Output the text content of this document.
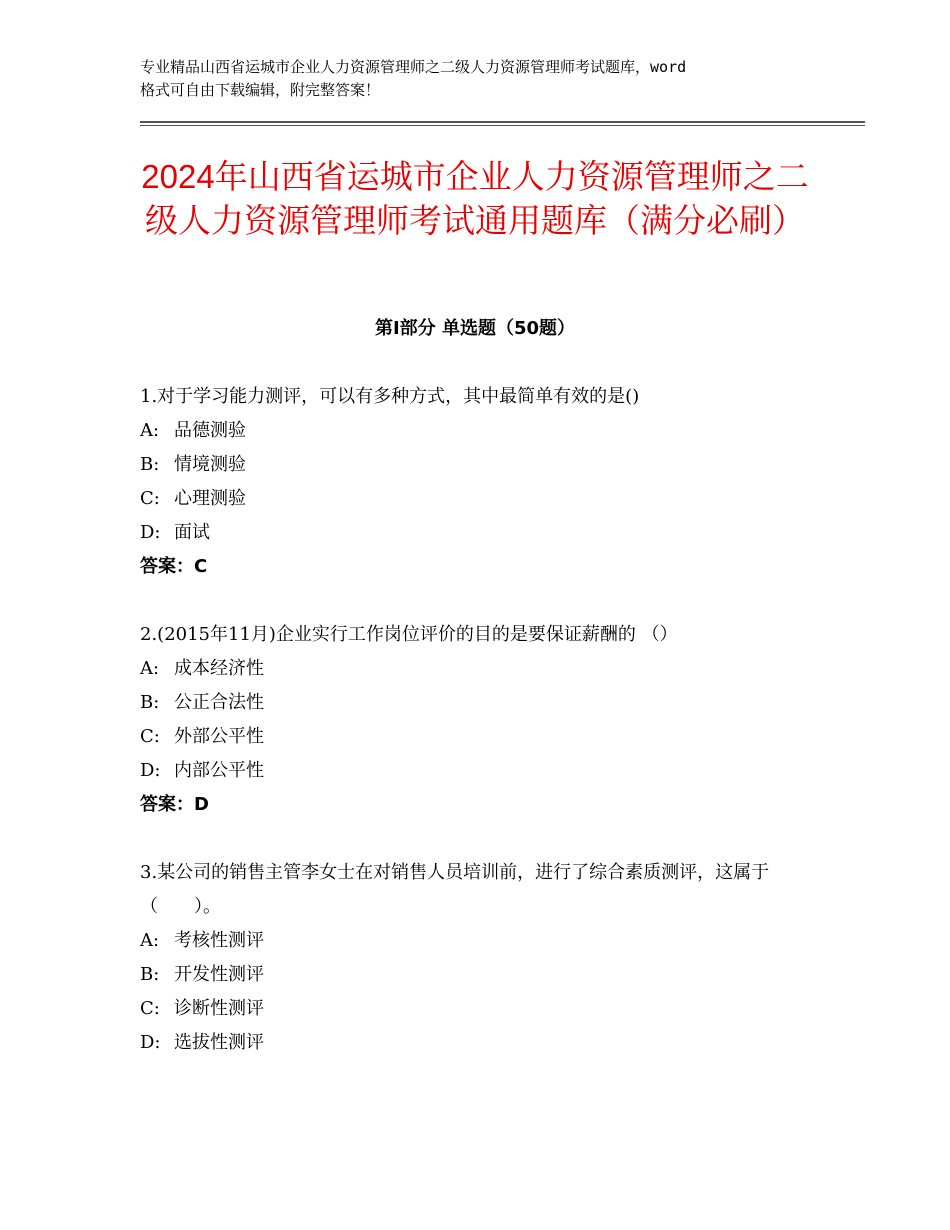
专业精品山西省运城市企业人力资源管理师之二级人力资源管理师考试题库，word
格式可自由下载编辑，附完整答案！
2024年山西省运城市企业人力资源管理师之二级人力资源管理师考试通用题库（满分必刷）
第Ⅰ部分 单选题（50题）
1.对于学习能力测评，可以有多种方式，其中最简单有效的是()
A: 品德测验
B: 情境测验
C: 心理测验
D: 面试
答案：C
2.(2015年11月)企业实行工作岗位评价的目的是要保证薪酬的 （）
A: 成本经济性
B: 公正合法性
C: 外部公平性
D: 内部公平性
答案：D
3.某公司的销售主管李女士在对销售人员培训前，进行了综合素质测评，这属于（　　）。
A: 考核性测评
B: 开发性测评
C: 诊断性测评
D: 选拔性测评
